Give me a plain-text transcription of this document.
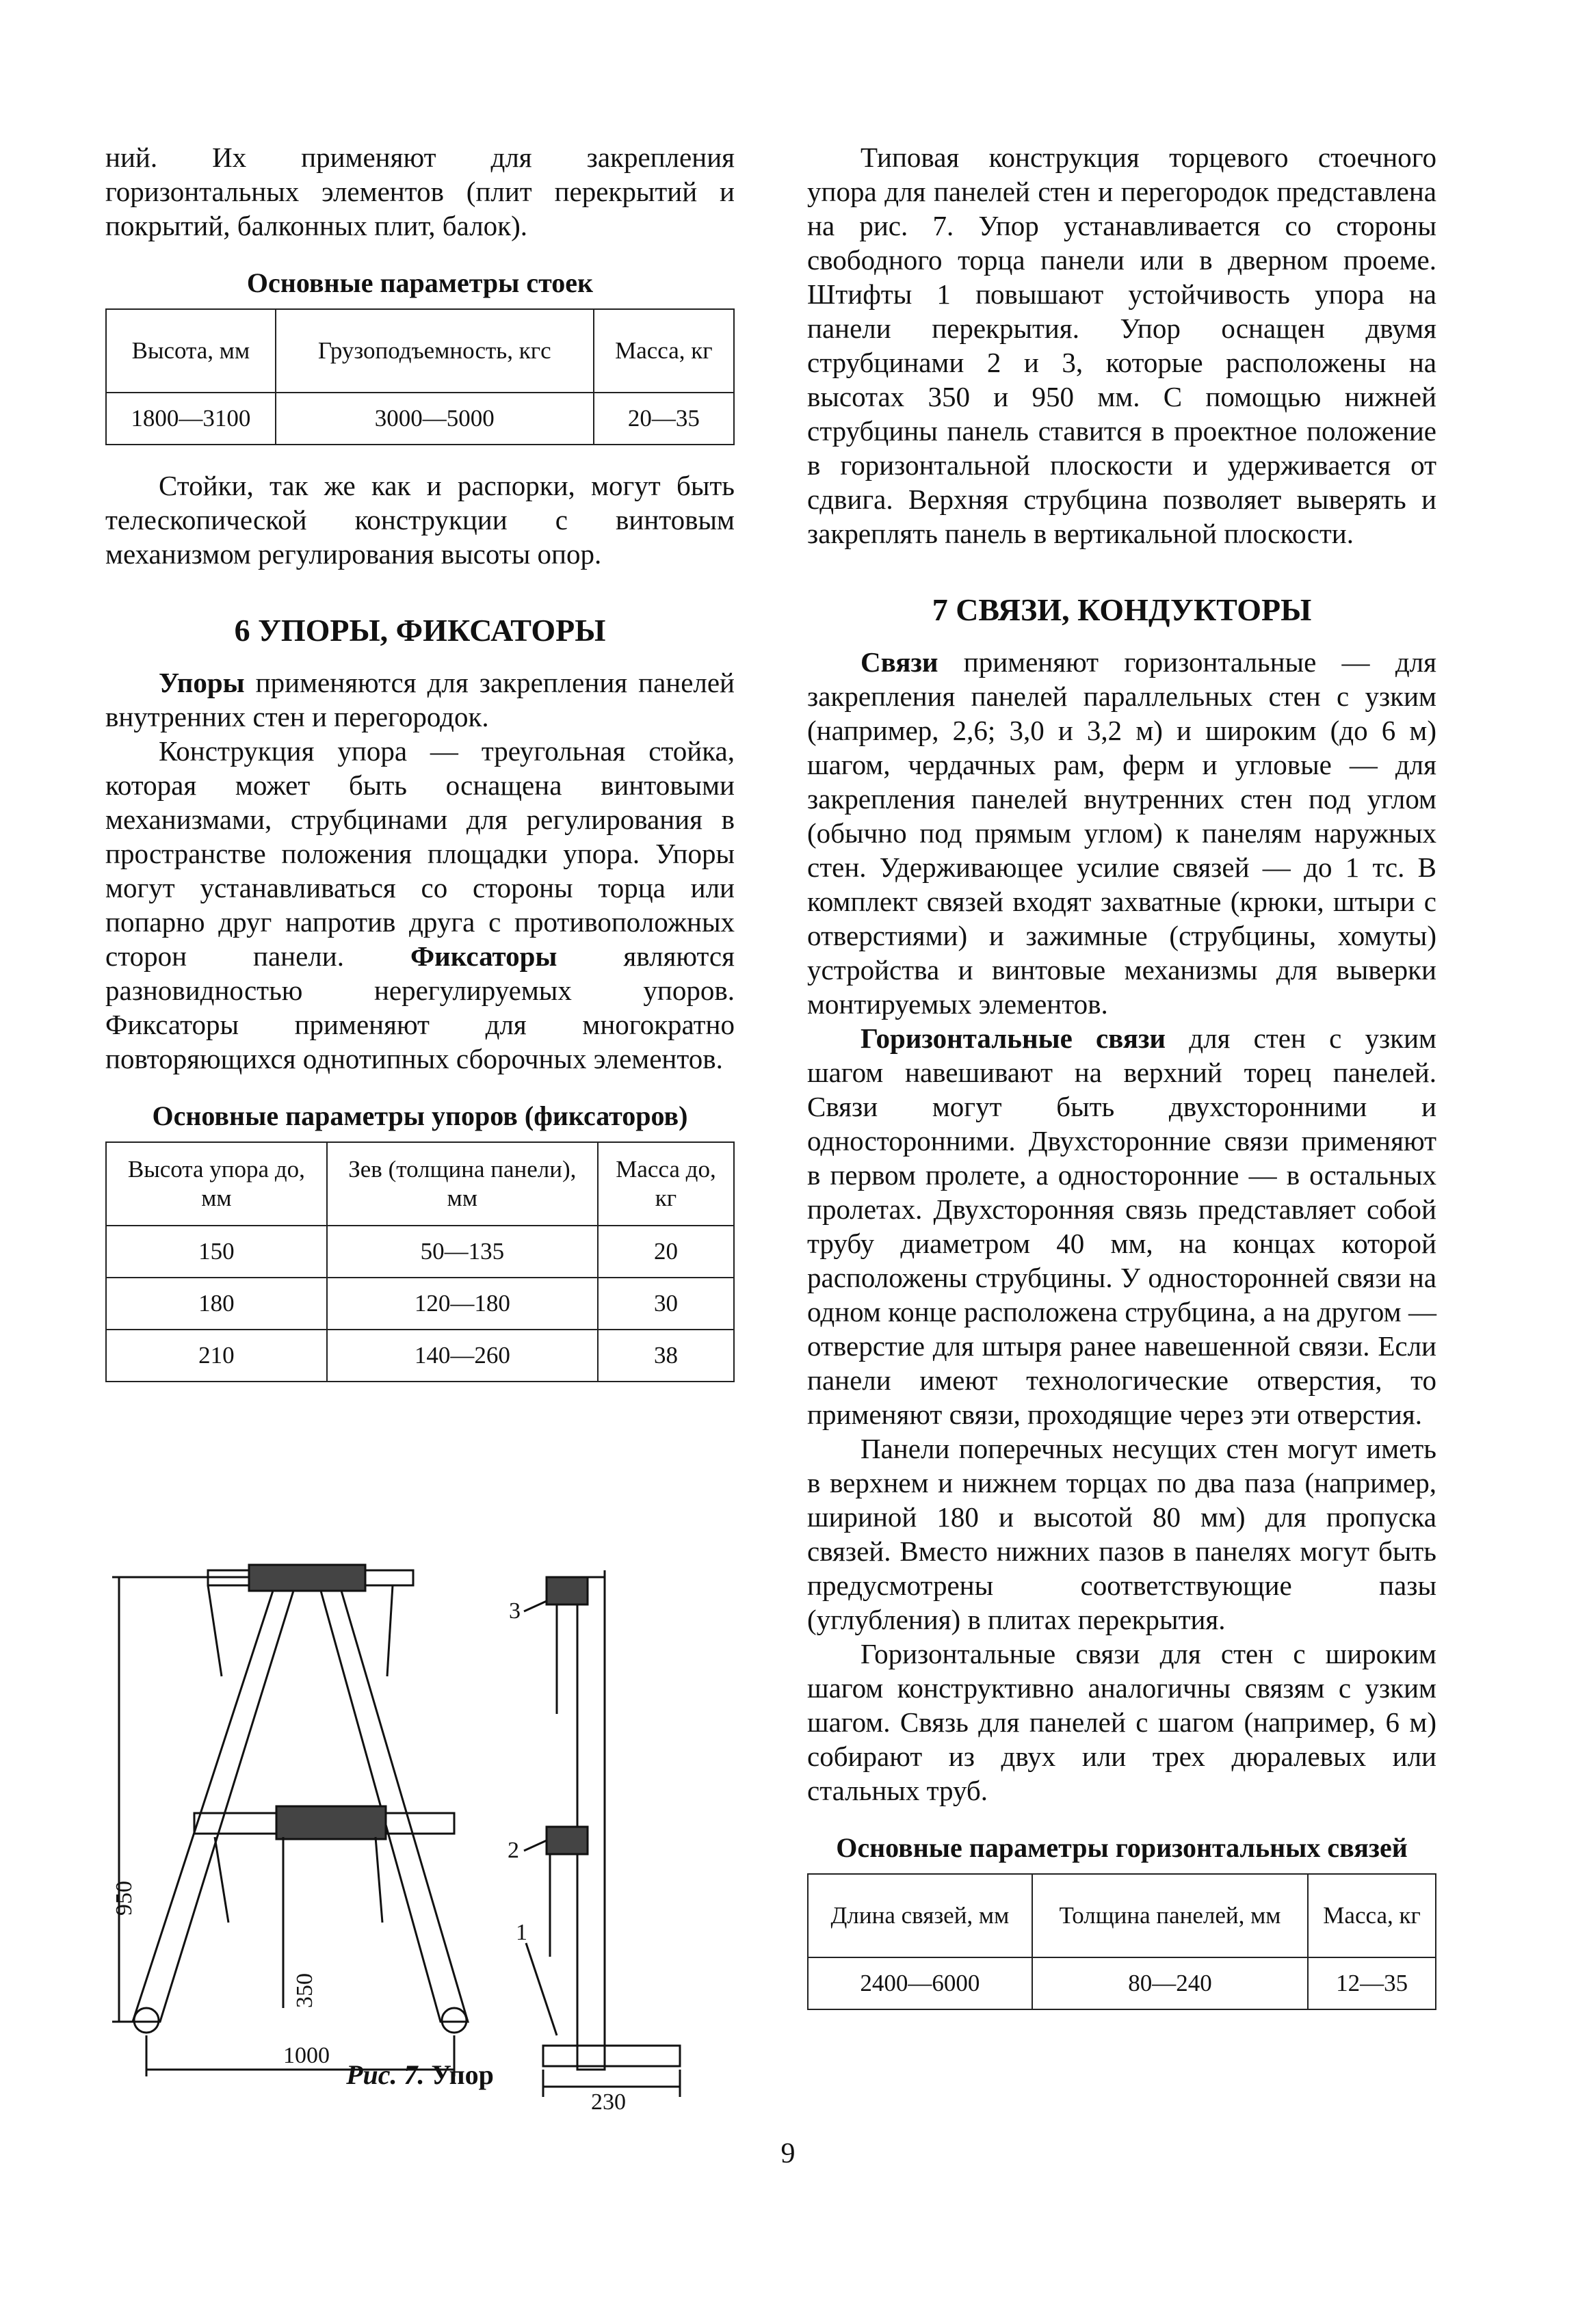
ний. Их применяют для закрепления горизонтальных элементов (плит перекрытий и покрытий, балконных плит, балок).

Основные параметры стоек
Высота, мм	Грузоподъемность, кгс	Масса, кг
1800—3100	3000—5000	20—35

Стойки, так же как и распорки, могут быть телескопической конструкции с винтовым механизмом регулирования высоты опор.

6 УПОРЫ, ФИКСАТОРЫ

Упоры применяются для закрепления панелей внутренних стен и перегородок.

Конструкция упора — треугольная стойка, которая может быть оснащена винтовыми механизмами, струбцинами для регулирования в пространстве положения площадки упора. Упоры могут устанавливаться со стороны торца или попарно друг напротив друга с противоположных сторон панели. Фиксаторы являются разновидностью нерегулируемых упоров. Фиксаторы применяют для многократно повторяющихся однотипных сборочных элементов.

Основные параметры упоров (фиксаторов)
Высота упора до, мм	Зев (толщина панели), мм	Масса до, кг
150	50—135	20
180	120—180	30
210	140—260	38
950
350
1000
230
3
2
1
Рис. 7. Упор

Типовая конструкция торцевого стоечного упора для панелей стен и перегородок представлена на рис. 7. Упор устанавливается со стороны свободного торца панели или в дверном проеме. Штифты 1 повышают устойчивость упора на панели перекрытия. Упор оснащен двумя струбцинами 2 и 3, которые расположены на высотах 350 и 950 мм. С помощью нижней струбцины панель ставится в проектное положение в горизонтальной плоскости и удерживается от сдвига. Верхняя струбцина позволяет выверять и закреплять панель в вертикальной плоскости.

7 СВЯЗИ, КОНДУКТОРЫ

Связи применяют горизонтальные — для закрепления панелей параллельных стен с узким (например, 2,6; 3,0 и 3,2 м) и широким (до 6 м) шагом, чердачных рам, ферм и угловые — для закрепления панелей внутренних стен под углом (обычно под прямым углом) к панелям наружных стен. Удерживающее усилие связей — до 1 тс. В комплект связей входят захватные (крюки, штыри с отверстиями) и зажимные (струбцины, хомуты) устройства и винтовые механизмы для выверки монтируемых элементов.

Горизонтальные связи для стен с узким шагом навешивают на верхний торец панелей. Связи могут быть двухсторонними и односторонними. Двухсторонние связи применяют в первом пролете, а односторонние — в остальных пролетах. Двухсторонняя связь представляет собой трубу диаметром 40 мм, на концах которой расположены струбцины. У односторонней связи на одном конце расположена струбцина, а на другом — отверстие для штыря ранее навешенной связи. Если панели имеют технологические отверстия, то применяют связи, проходящие через эти отверстия.

Панели поперечных несущих стен могут иметь в верхнем и нижнем торцах по два паза (например, шириной 180 и высотой 80 мм) для пропуска связей. Вместо нижних пазов в панелях могут быть предусмотрены соответствующие пазы (углубления) в плитах перекрытия.

Горизонтальные связи для стен с широким шагом конструктивно аналогичны связям с узким шагом. Связь для панелей с шагом (например, 6 м) собирают из двух или трех дюралевых или стальных труб.

Основные параметры горизонтальных связей
Длина связей, мм	Толщина панелей, мм	Масса, кг
2400—6000	80—240	12—35
9
